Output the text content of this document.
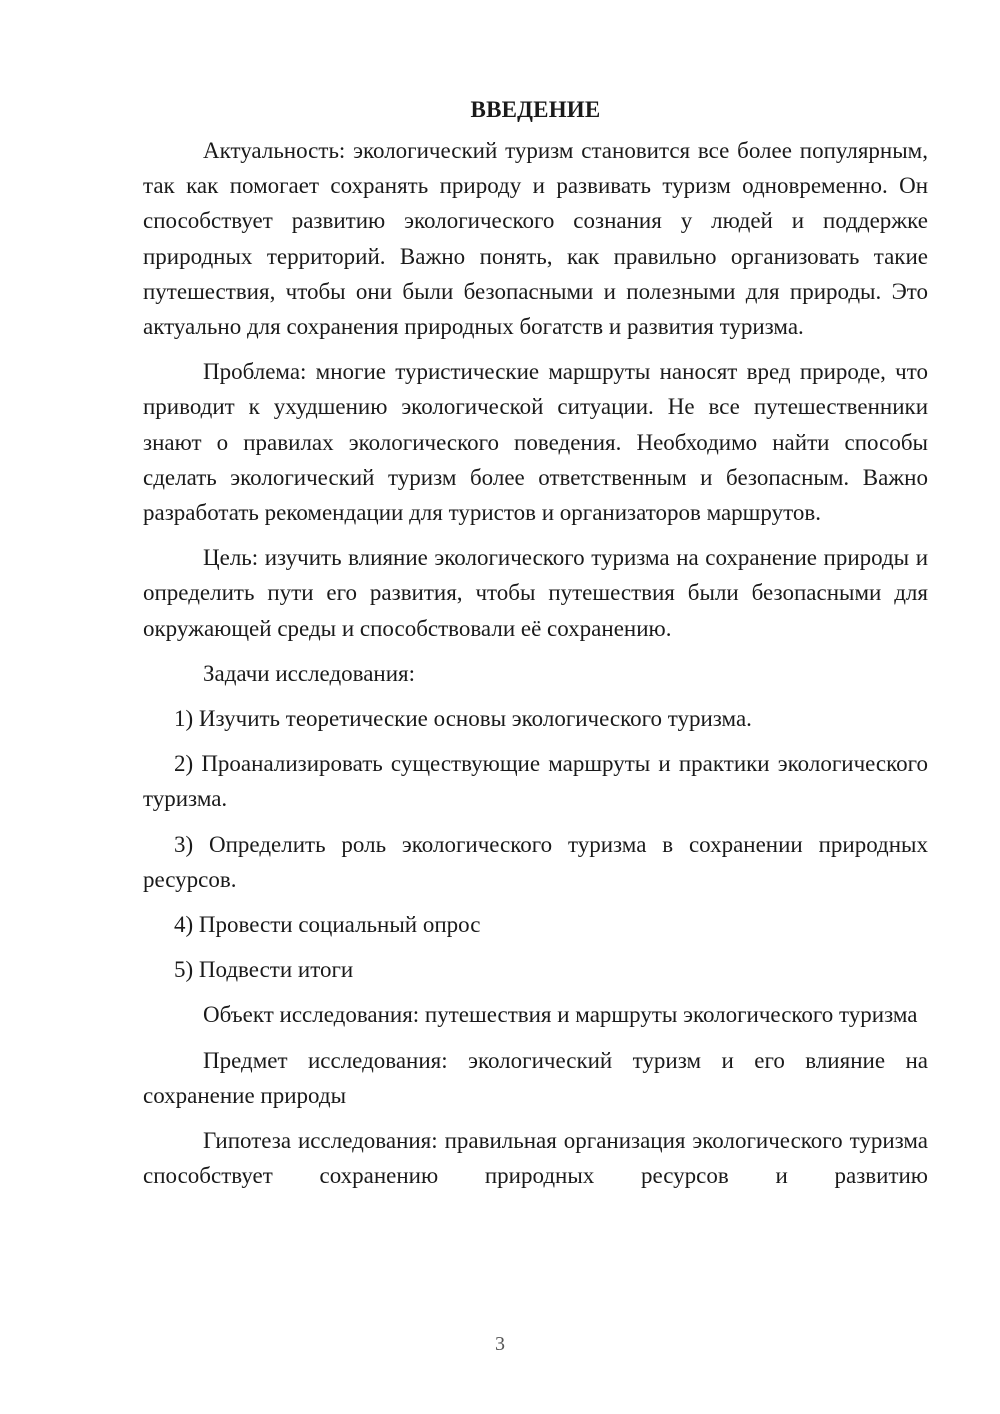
ВВЕДЕНИЕ

Актуальность: экологический туризм становится все более популярным, так как помогает сохранять природу и развивать туризм одновременно. Он способствует развитию экологического сознания у людей и поддержке природных территорий. Важно понять, как правильно организовать такие путешествия, чтобы они были безопасными и полезными для природы. Это актуально для сохранения природных богатств и развития туризма.

Проблема: многие туристические маршруты наносят вред природе, что приводит к ухудшению экологической ситуации. Не все путешественники знают о правилах экологического поведения. Необходимо найти способы сделать экологический туризм более ответственным и безопасным. Важно разработать рекомендации для туристов и организаторов маршрутов.

Цель: изучить влияние экологического туризма на сохранение природы и определить пути его развития, чтобы путешествия были безопасными для окружающей среды и способствовали её сохранению.

Задачи исследования:

1) Изучить теоретические основы экологического туризма.

2) Проанализировать существующие маршруты и практики экологического туризма.

3) Определить роль экологического туризма в сохранении природных ресурсов.

4) Провести социальный опрос

5) Подвести итоги

Объект исследования: путешествия и маршруты экологического туризма

Предмет исследования: экологический туризм и его влияние на сохранение природы

Гипотеза исследования: правильная организация экологического туризма способствует сохранению природных ресурсов и развитию

3
